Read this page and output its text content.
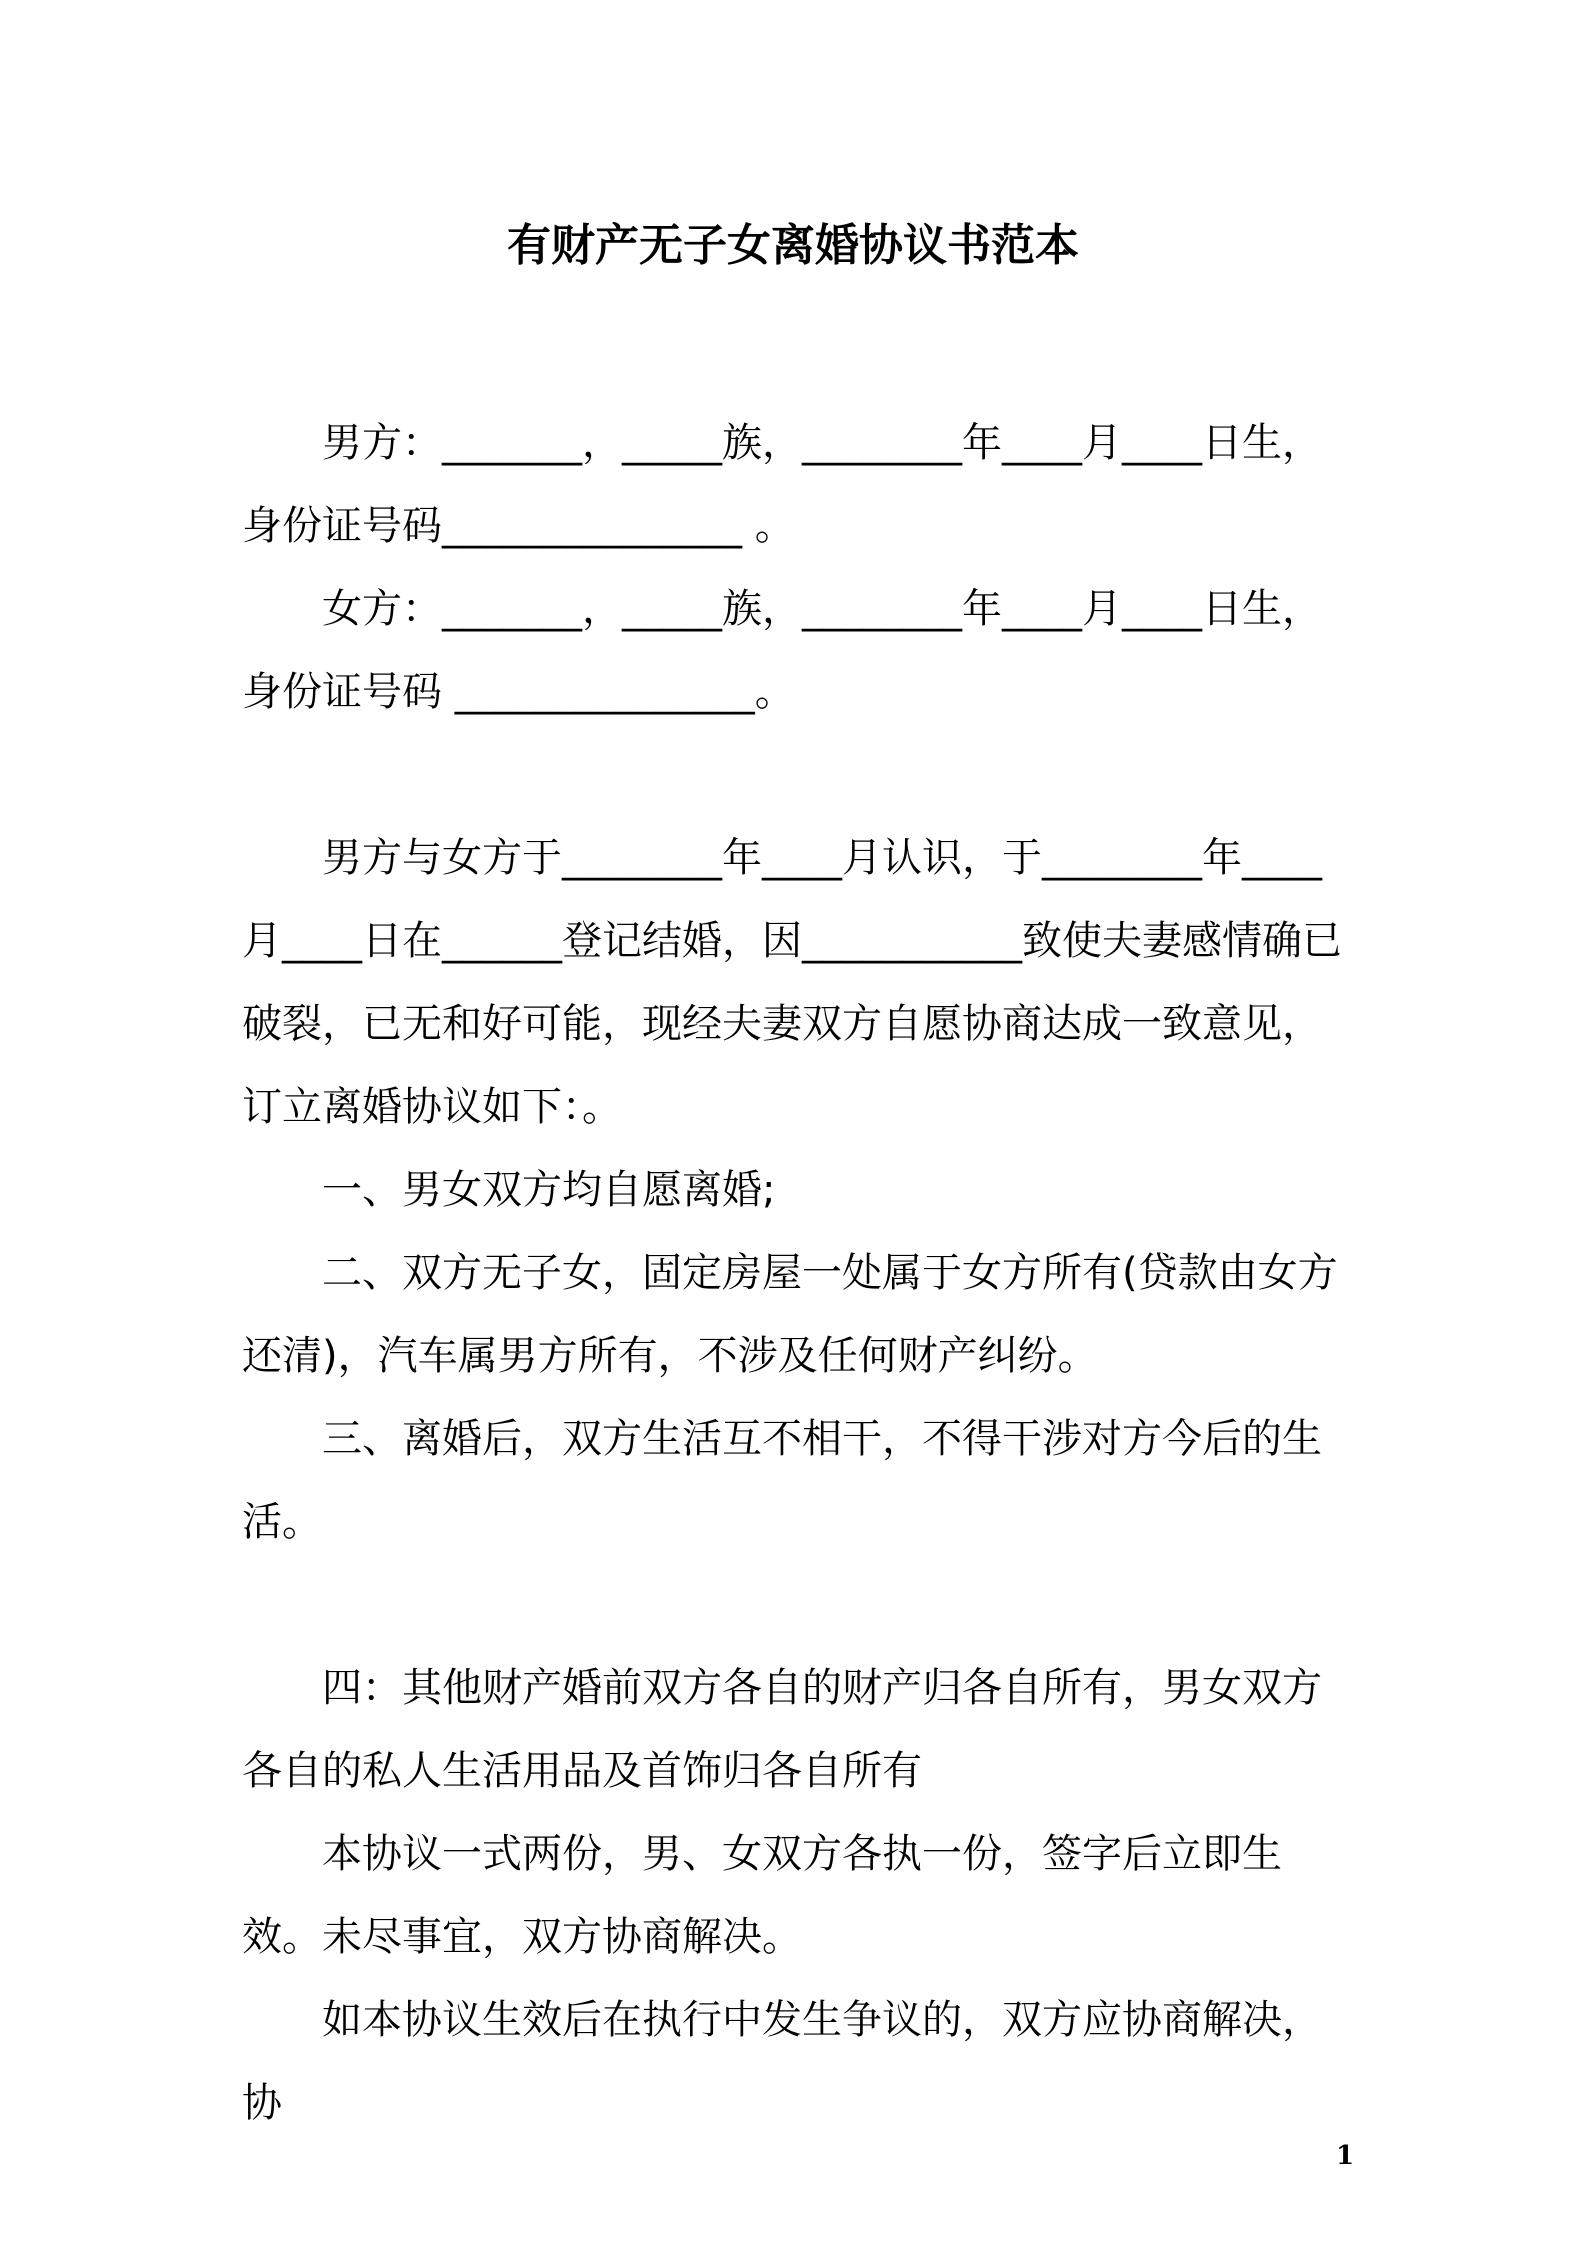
有财产无子女离婚协议书范本

男方：_______，_____族，________年____月____日生，

身份证号码_______________ 。

女方：_______，_____族，________年____月____日生，

身份证号码 _______________。

男方与女方于________年____月认识，于________年____月____日在______登记结婚，因___________致使夫妻感情确已破裂，已无和好可能，现经夫妻双方自愿协商达成一致意见，订立离婚协议如下：。

一、男女双方均自愿离婚;

二、双方无子女，固定房屋一处属于女方所有(贷款由女方还清)，汽车属男方所有，不涉及任何财产纠纷。

三、离婚后，双方生活互不相干，不得干涉对方今后的生活。

四：其他财产婚前双方各自的财产归各自所有，男女双方各自的私人生活用品及首饰归各自所有

本协议一式两份，男、女双方各执一份，签字后立即生效。未尽事宜，双方协商解决。

如本协议生效后在执行中发生争议的，双方应协商解决，协

1
